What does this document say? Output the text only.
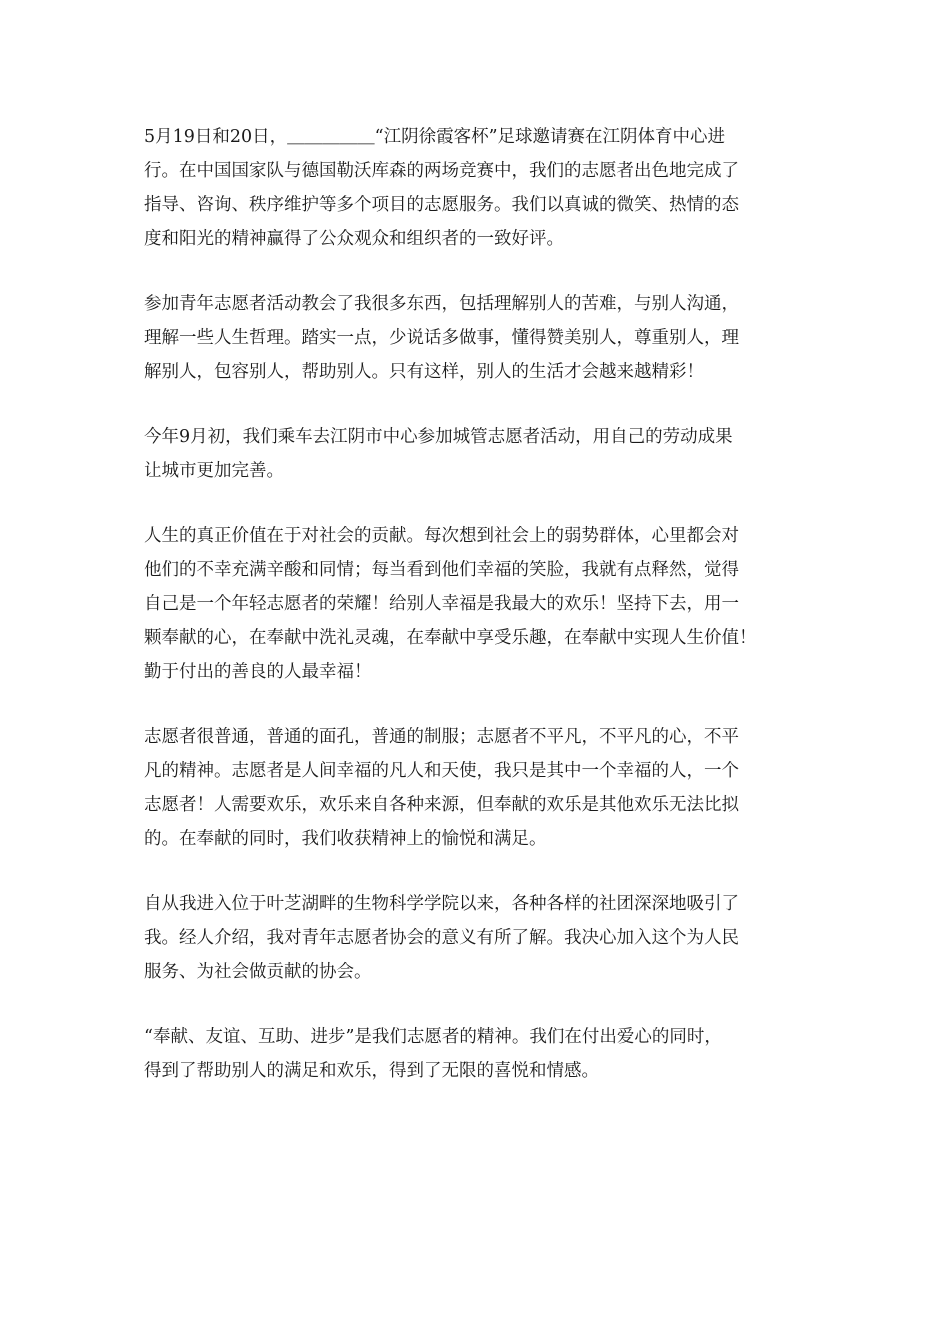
5月19日和20日，＿＿＿＿＿“江阴徐霞客杯”足球邀请赛在江阴体育中心进
行。在中国国家队与德国勒沃库森的两场竞赛中，我们的志愿者出色地完成了
指导、咨询、秩序维护等多个项目的志愿服务。我们以真诚的微笑、热情的态
度和阳光的精神赢得了公众观众和组织者的一致好评。

参加青年志愿者活动教会了我很多东西，包括理解别人的苦难，与别人沟通，
理解一些人生哲理。踏实一点，少说话多做事，懂得赞美别人，尊重别人，理
解别人，包容别人，帮助别人。只有这样，别人的生活才会越来越精彩！

今年9月初，我们乘车去江阴市中心参加城管志愿者活动，用自己的劳动成果
让城市更加完善。

人生的真正价值在于对社会的贡献。每次想到社会上的弱势群体，心里都会对
他们的不幸充满辛酸和同情；每当看到他们幸福的笑脸，我就有点释然，觉得
自己是一个年轻志愿者的荣耀！给别人幸福是我最大的欢乐！坚持下去，用一
颗奉献的心，在奉献中洗礼灵魂，在奉献中享受乐趣，在奉献中实现人生价值！
勤于付出的善良的人最幸福！

志愿者很普通，普通的面孔，普通的制服；志愿者不平凡，不平凡的心，不平
凡的精神。志愿者是人间幸福的凡人和天使，我只是其中一个幸福的人，一个
志愿者！人需要欢乐，欢乐来自各种来源，但奉献的欢乐是其他欢乐无法比拟
的。在奉献的同时，我们收获精神上的愉悦和满足。

自从我进入位于叶芝湖畔的生物科学学院以来，各种各样的社团深深地吸引了
我。经人介绍，我对青年志愿者协会的意义有所了解。我决心加入这个为人民
服务、为社会做贡献的协会。

“奉献、友谊、互助、进步”是我们志愿者的精神。我们在付出爱心的同时，
得到了帮助别人的满足和欢乐，得到了无限的喜悦和情感。
